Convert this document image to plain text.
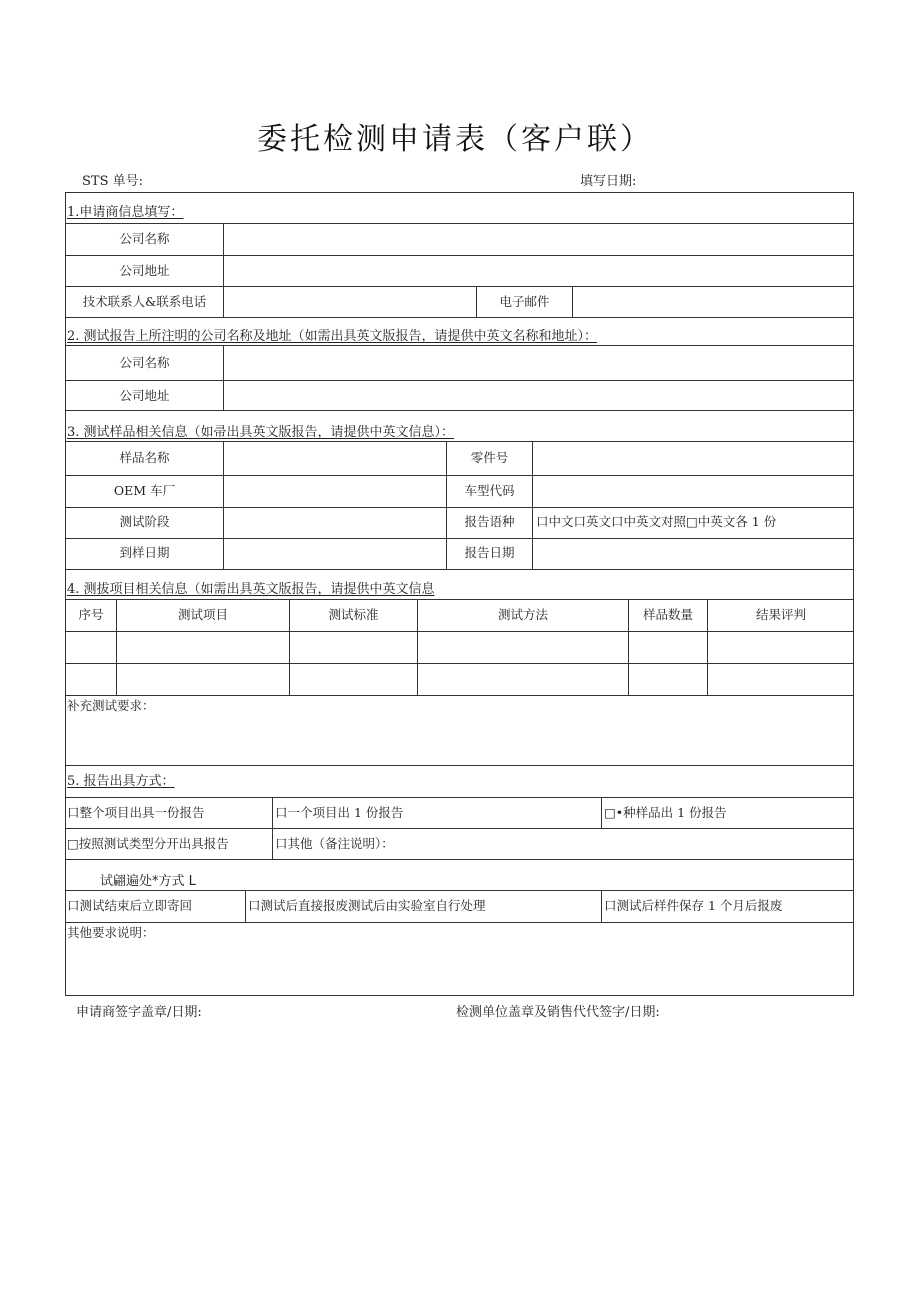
委托检测申请表（客户联）
STS 单号:	填写日期:
1.申请商信息填写：
公司名称
公司地址
技术联系人&联系电话	电子邮件
2. 测试报告上所注明的公司名称及地址（如需出具英文版报告，请提供中英文名称和地址）：
公司名称
公司地址
3. 测试样品相关信息（如帚出具英文版报告，请提供中英文信息）：
样品名称	零件号
OEM 车厂	车型代码
测试阶段	报告语种	口中文口英文口中英文对照□中英文各 1 份
到样日期	报告日期
4. 测拔项目相关信息（如需出具英文版报告，请提供中英文信息
序号	测试项目	测试标准	测试方法	样品数量	结果评判
补充测试要求：
5. 报告出具方式：
口整个项目出具一份报告	口一个项目出 1 份报告	□•种样品出 1 份报告
□按照测试类型分开出具报告	口其他（备注说明）：
试翩遍处*方式 L
口测试结束后立即寄回	口测试后直接报废测试后由实验室自行处理	口测试后样件保存 1 个月后报废
其他要求说明：
申请商签字盖章/日期:	检测单位盖章及销售代代签字/日期:
